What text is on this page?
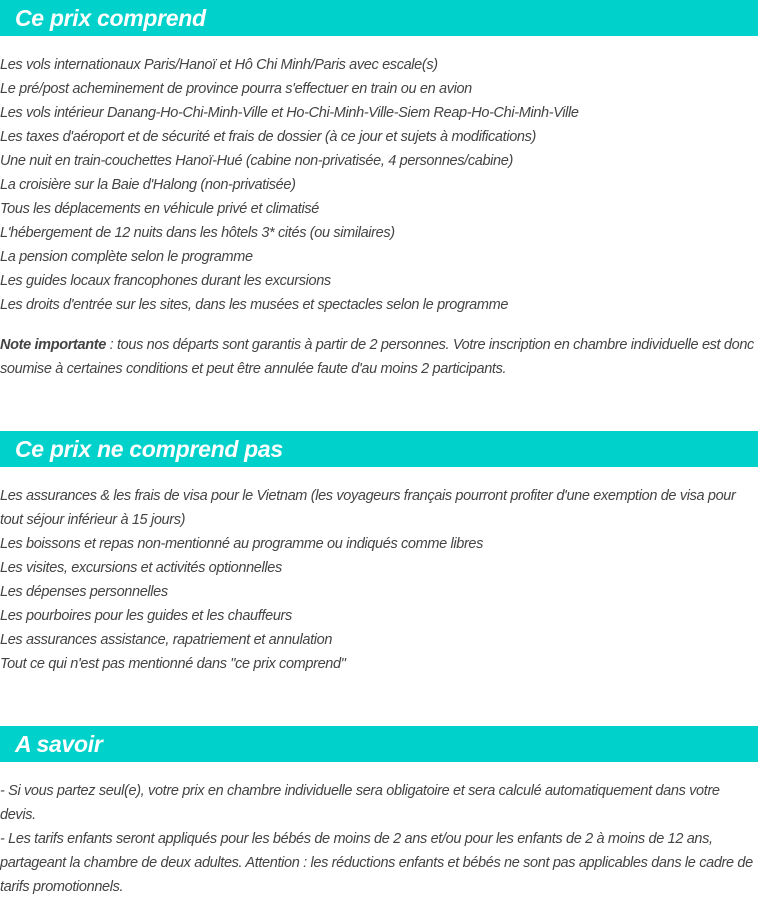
Ce prix comprend
Les vols internationaux Paris/Hanoï et Hô Chi Minh/Paris avec escale(s)
Le pré/post acheminement de province pourra s'effectuer en train ou en avion
Les vols intérieur Danang-Ho-Chi-Minh-Ville et Ho-Chi-Minh-Ville-Siem Reap-Ho-Chi-Minh-Ville
Les taxes d'aéroport et de sécurité et frais de dossier (à ce jour et sujets à modifications)
Une nuit en train-couchettes Hanoï-Hué (cabine non-privatisée, 4 personnes/cabine)
La croisière sur la Baie d'Halong (non-privatisée)
Tous les déplacements en véhicule privé et climatisé
L'hébergement de 12 nuits dans les hôtels 3* cités (ou similaires)
La pension complète selon le programme
Les guides locaux francophones durant les excursions
Les droits d'entrée sur les sites, dans les musées et spectacles selon le programme

Note importante : tous nos départs sont garantis à partir de 2 personnes. Votre inscription en chambre individuelle est donc soumise à certaines conditions et peut être annulée faute d'au moins 2 participants.

Ce prix ne comprend pas
Les assurances & les frais de visa pour le Vietnam (les voyageurs français pourront profiter d'une exemption de visa pour tout séjour inférieur à 15 jours)
Les boissons et repas non-mentionné au programme ou indiqués comme libres
Les visites, excursions et activités optionnelles
Les dépenses personnelles
Les pourboires pour les guides et les chauffeurs
Les assurances assistance, rapatriement et annulation
Tout ce qui n'est pas mentionné dans "ce prix comprend"
A savoir

- Si vous partez seul(e), votre prix en chambre individuelle sera obligatoire et sera calculé automatiquement dans votre devis.

- Les tarifs enfants seront appliqués pour les bébés de moins de 2 ans et/ou pour les enfants de 2 à moins de 12 ans, partageant la chambre de deux adultes. Attention : les réductions enfants et bébés ne sont pas applicables dans le cadre de tarifs promotionnels.
